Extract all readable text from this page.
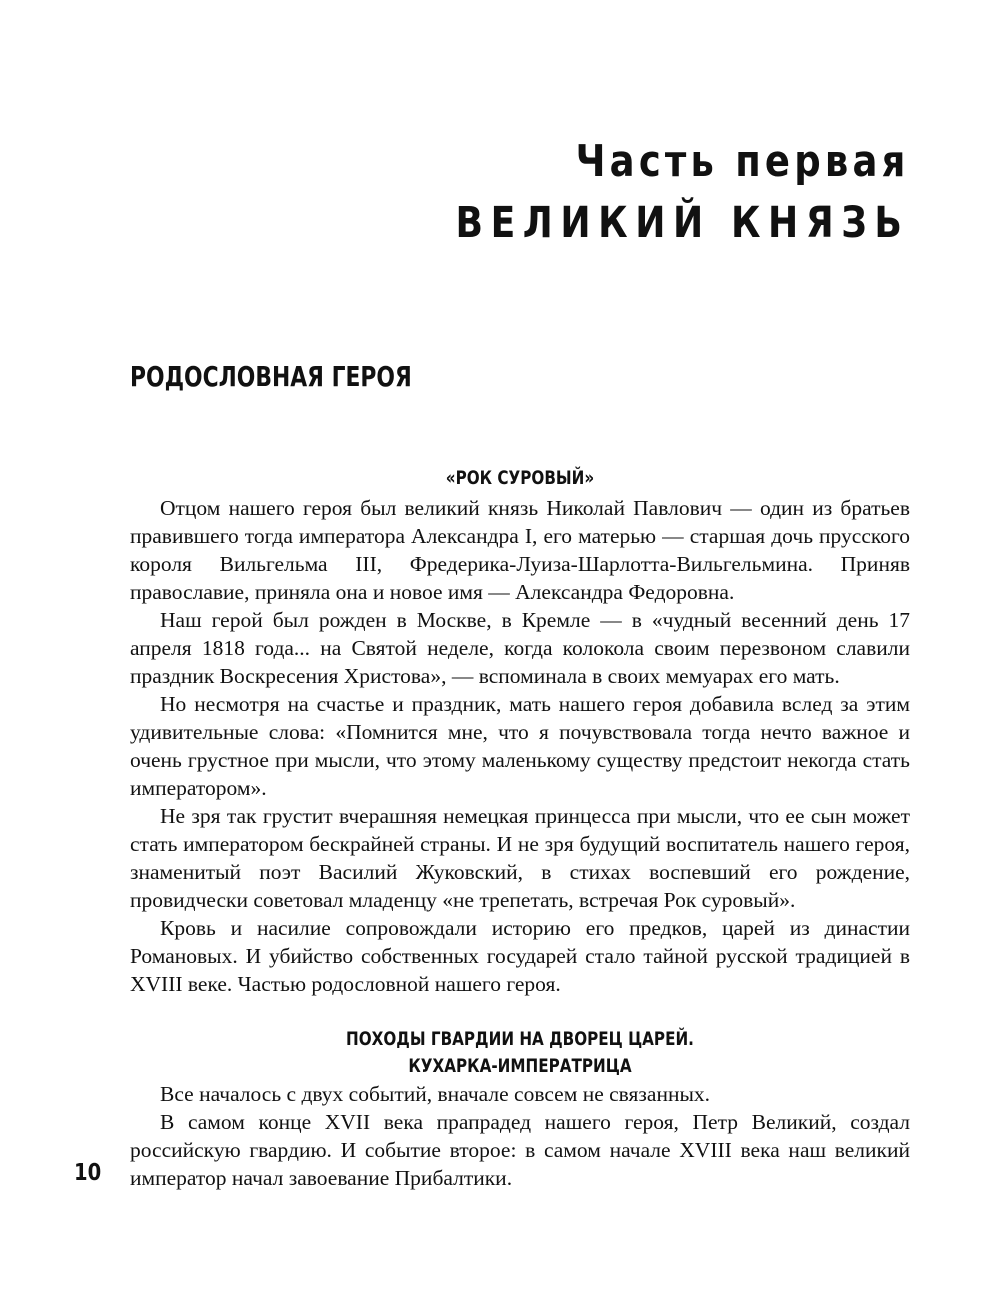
Часть первая
ВЕЛИКИЙ КНЯЗЬ
РОДОСЛОВНАЯ ГЕРОЯ
«РОК СУРОВЫЙ»

Отцом нашего героя был великий князь Николай Павлович — один из братьев правившего тогда императора Александра I, его матерью — старшая дочь прусского короля Вильгельма III, Фредерика-Луиза-Шарлотта-Вильгельмина. Приняв православие, приняла она и новое имя — Александра Федоровна.

Наш герой был рожден в Москве, в Кремле — в «чудный весенний день 17 апреля 1818 года... на Святой неделе, когда колокола своим перезвоном славили праздник Воскресения Христова», — вспоминала в своих мемуарах его мать.

Но несмотря на счастье и праздник, мать нашего героя добавила вслед за этим удивительные слова: «Помнится мне, что я почувствовала тогда нечто важное и очень грустное при мысли, что этому маленькому существу предстоит некогда стать императором».

Не зря так грустит вчерашняя немецкая принцесса при мысли, что ее сын может стать императором бескрайней страны. И не зря будущий воспитатель нашего героя, знаменитый поэт Василий Жуковский, в стихах воспевший его рождение, провидчески советовал младенцу «не трепетать, встречая Рок суровый».

Кровь и насилие сопровождали историю его предков, царей из династии Романовых. И убийство собственных государей стало тайной русской традицией в XVIII веке. Частью родословной нашего героя.

ПОХОДЫ ГВАРДИИ НА ДВОРЕЦ ЦАРЕЙ.
КУХАРКА-ИМПЕРАТРИЦА

Все началось с двух событий, вначале совсем не связанных.

В самом конце XVII века прапрадед нашего героя, Петр Великий, создал российскую гвардию. И событие второе: в самом начале XVIII века наш великий император начал завоевание Прибалтики.

10
